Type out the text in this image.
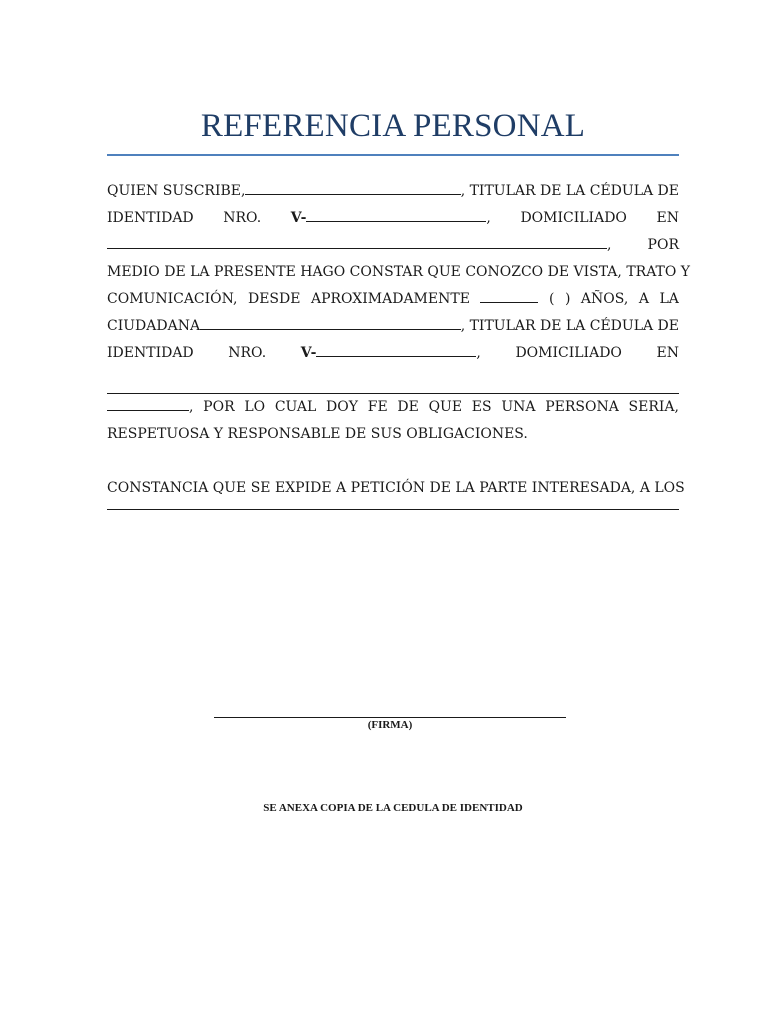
REFERENCIA PERSONAL
QUIEN SUSCRIBE,	, TITULAR DE LA CÉDULA DE
IDENTIDAD NRO. V-	, DOMICILIADO EN
,	POR
MEDIO DE LA PRESENTE HAGO CONSTAR QUE CONOZCO DE VISTA, TRATO Y
COMUNICACIÓN, DESDE APROXIMADAMENTE	( ) AÑOS, A LA
CIUDADANA	, TITULAR DE LA CÉDULA DE
IDENTIDAD NRO. V-	, DOMICILIADO EN
, POR LO CUAL DOY FE DE QUE ES UNA PERSONA SERIA,
RESPETUOSA Y RESPONSABLE DE SUS OBLIGACIONES.
CONSTANCIA QUE SE EXPIDE A PETICIÓN DE LA PARTE INTERESADA, A LOS
SE ANEXA COPIA DE LA CEDULA DE IDENTIDAD
(FIRMA)
